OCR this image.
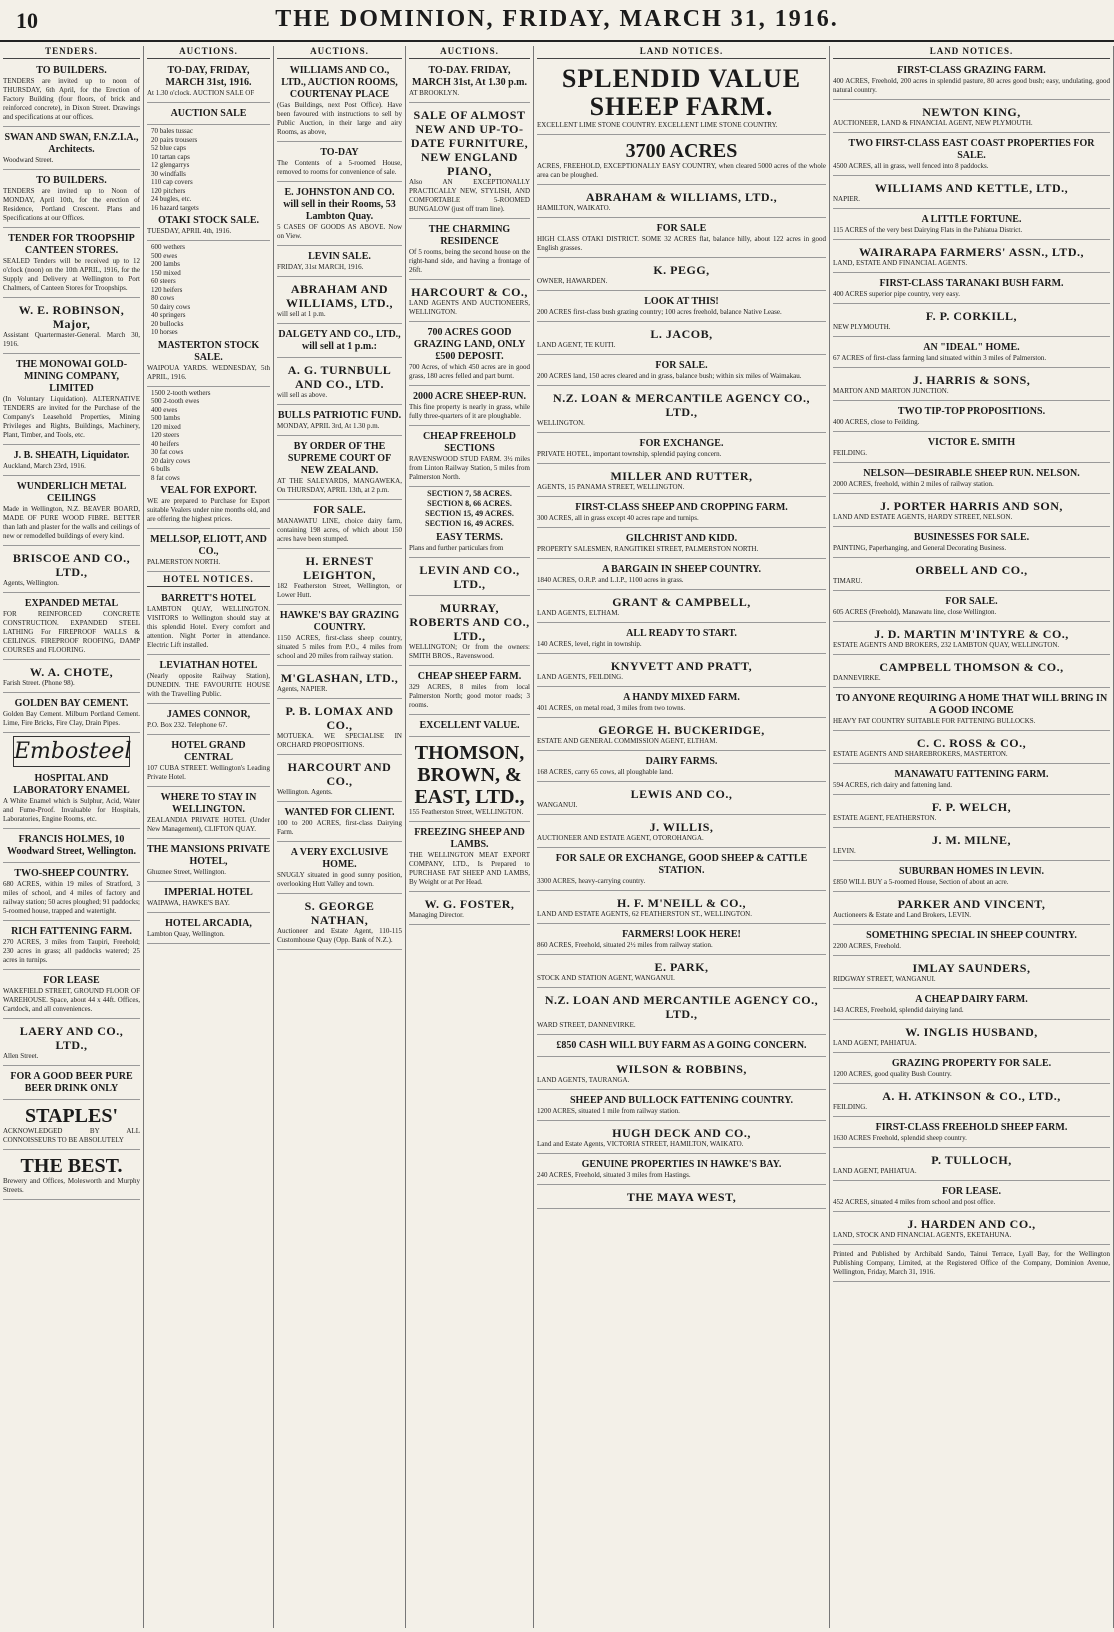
10	THE DOMINION, FRIDAY, MARCH 31, 1916.
TENDERS.
TO BUILDERS.
TENDERS are invited up to noon of THURSDAY, 6th April, for the Erection of Factory Building (four floors, of brick and reinforced concrete), in Dixon Street. Drawings and specifications at our offices.
SWAN AND SWAN, F.N.Z.I.A., Architects.
Woodward Street.
TO BUILDERS.
TENDERS are invited up to Noon of MONDAY, April 10th, for the erection of Residence, Portland Crescent. Plans and Specifications at our Offices.
TENDER FOR TROOPSHIP CANTEEN STORES.
SEALED Tenders will be received up to 12 o'clock (noon) on the 10th APRIL, 1916, for the Supply and Delivery at Wellington to Port Chalmers, of Canteen Stores for Troopships.
W. E. ROBINSON, Major,
Assistant Quartermaster-General. March 30, 1916.
THE MONOWAI GOLD-MINING COMPANY, LIMITED
(In Voluntary Liquidation). ALTERNATIVE TENDERS are invited for the Purchase of the Company's Leasehold Properties, Mining Privileges and Rights, Buildings, Machinery, Plant, Timber, and Tools, etc.
J. B. SHEATH, Liquidator.
Auckland, March 23rd, 1916.
WUNDERLICH METAL CEILINGS
Made in Wellington, N.Z. BEAVER BOARD, MADE OF PURE WOOD FIBRE. BETTER than lath and plaster for the walls and ceilings of new or remodelled buildings of every kind.
BRISCOE AND CO., LTD.,
Agents, Wellington.
EXPANDED METAL
FOR REINFORCED CONCRETE CONSTRUCTION. EXPANDED STEEL LATHING For FIREPROOF WALLS & CEILINGS. FIREPROOF ROOFING, DAMP COURSES and FLOORING.
W. A. CHOTE,
Farish Street. (Phone 98).
GOLDEN BAY CEMENT.
Golden Bay Cement. Milburn Portland Cement. Lime, Fire Bricks, Fire Clay, Drain Pipes.
Embosteel
HOSPITAL AND LABORATORY ENAMEL
A White Enamel which is Sulphur, Acid, Water and Fume-Proof. Invaluable for Hospitals, Laboratories, Engine Rooms, etc.
FRANCIS HOLMES, 10 Woodward Street, Wellington.
TWO-SHEEP COUNTRY.
680 ACRES, within 19 miles of Stratford, 3 miles of school, and 4 miles of factory and railway station; 50 acres ploughed; 91 paddocks; 5-roomed house, trapped and watertight.
RICH FATTENING FARM.
270 ACRES, 3 miles from Taupiri, Freehold; 230 acres in grass; all paddocks watered; 25 acres in turnips.
FOR LEASE
WAKEFIELD STREET, GROUND FLOOR OF WAREHOUSE. Space, about 44 x 44ft. Offices, Cartdock, and all conveniences.
LAERY AND CO., LTD.,
Allen Street.
FOR A GOOD BEER PURE BEER DRINK ONLY
STAPLES'
ACKNOWLEDGED BY ALL CONNOISSEURS TO BE ABSOLUTELY
THE BEST.
Brewery and Offices, Molesworth and Murphy Streets.
AUCTIONS.
TO-DAY, FRIDAY, MARCH 31st, 1916.
At 1.30 o'clock. AUCTION SALE OF
AUCTION SALE
70 bales tussac
20 pairs trousers
52 blue caps
10 tartan caps
12 glengarrys
30 windfalls
110 cap covers
120 pitchers
24 bugles, etc.
16 hazard targets
OTAKI STOCK SALE.
TUESDAY, APRIL 4th, 1916.
600 wethers
500 ewes
200 lambs
150 mixed
60 steers
120 heifers
80 cows
50 dairy cows
40 springers
20 bullocks
10 horses
MASTERTON STOCK SALE.
WAIPOUA YARDS. WEDNESDAY, 5th APRIL, 1916.
1500 2-tooth wethers
500 2-tooth ewes
400 ewes
500 lambs
120 mixed
120 steers
40 heifers
30 fat cows
20 dairy cows
6 bulls
8 fat cows
VEAL FOR EXPORT.
WE are prepared to Purchase for Export suitable Vealers under nine months old, and are offering the highest prices.
MELLSOP, ELIOTT, AND CO.,
PALMERSTON NORTH.
HOTEL NOTICES.
BARRETT'S HOTEL
LAMBTON QUAY, WELLINGTON. VISITORS to Wellington should stay at this splendid Hotel. Every comfort and attention. Night Porter in attendance. Electric Lift installed.
LEVIATHAN HOTEL
(Nearly opposite Railway Station), DUNEDIN. THE FAVOURITE HOUSE with the Travelling Public.
JAMES CONNOR,
P.O. Box 232. Telephone 67.
HOTEL GRAND CENTRAL
107 CUBA STREET. Wellington's Leading Private Hotel.
WHERE TO STAY IN WELLINGTON.
ZEALANDIA PRIVATE HOTEL (Under New Management), CLIFTON QUAY.
THE MANSIONS PRIVATE HOTEL,
Ghuznee Street, Wellington.
IMPERIAL HOTEL
WAIPAWA, HAWKE'S BAY.
HOTEL ARCADIA,
Lambton Quay, Wellington.
AUCTIONS.
WILLIAMS AND CO., LTD., AUCTION ROOMS, COURTENAY PLACE
(Gas Buildings, next Post Office). Have been favoured with instructions to sell by Public Auction, in their large and airy Rooms, as above,
TO-DAY
The Contents of a 5-roomed House, removed to rooms for convenience of sale.
E. JOHNSTON AND CO. will sell in their Rooms, 53 Lambton Quay.
5 CASES OF GOODS AS ABOVE. Now on View.
LEVIN SALE.
FRIDAY, 31st MARCH, 1916.
ABRAHAM AND WILLIAMS, LTD.,
will sell at 1 p.m.
DALGETY AND CO., LTD., will sell at 1 p.m.:
A. G. TURNBULL AND CO., LTD.
will sell as above.
BULLS PATRIOTIC FUND.
MONDAY, APRIL 3rd, At 1.30 p.m.
BY ORDER OF THE SUPREME COURT OF NEW ZEALAND.
AT THE SALEYARDS, MANGAWEKA, On THURSDAY, APRIL 13th, at 2 p.m.
FOR SALE.
MANAWATU LINE, choice dairy farm, containing 198 acres, of which about 150 acres have been stumped.
H. ERNEST LEIGHTON,
182 Featherston Street, Wellington, or Lower Hutt.
HAWKE'S BAY GRAZING COUNTRY.
1150 ACRES, first-class sheep country, situated 5 miles from P.O., 4 miles from school and 20 miles from railway station.
M'GLASHAN, LTD.,
Agents, NAPIER.
P. B. LOMAX AND CO.,
MOTUEKA. WE SPECIALISE IN ORCHARD PROPOSITIONS.
HARCOURT AND CO.,
Wellington. Agents.
WANTED FOR CLIENT.
100 to 200 ACRES, first-class Dairying Farm.
A VERY EXCLUSIVE HOME.
SNUGLY situated in good sunny position, overlooking Hutt Valley and town.
S. GEORGE NATHAN,
Auctioneer and Estate Agent, 110-115 Customhouse Quay (Opp. Bank of N.Z.).
AUCTIONS.
TO-DAY. FRIDAY, MARCH 31st, At 1.30 p.m.
AT BROOKLYN.
SALE OF ALMOST NEW AND UP-TO-DATE FURNITURE, NEW ENGLAND PIANO,
Also AN EXCEPTIONALLY PRACTICALLY NEW, STYLISH, AND COMFORTABLE 5-ROOMED BUNGALOW (just off tram line).
THE CHARMING RESIDENCE
Of 5 rooms, being the second house on the right-hand side, and having a frontage of 26ft.
HARCOURT & CO.,
LAND AGENTS AND AUCTIONEERS, WELLINGTON.
700 ACRES GOOD GRAZING LAND, ONLY £500 DEPOSIT.
700 Acres, of which 450 acres are in good grass, 180 acres felled and part burnt.
2000 ACRE SHEEP-RUN.
This fine property is nearly in grass, while fully three-quarters of it are ploughable.
CHEAP FREEHOLD SECTIONS
RAVENSWOOD STUD FARM. 3½ miles from Linton Railway Station, 5 miles from Palmerston North.
SECTION 7, 58 ACRES.
SECTION 8, 66 ACRES.
SECTION 15, 49 ACRES.
SECTION 16, 49 ACRES.
EASY TERMS.
Plans and further particulars from
LEVIN AND CO., LTD.,
MURRAY, ROBERTS AND CO., LTD.,
WELLINGTON; Or from the owners: SMITH BROS., Ravenswood.
CHEAP SHEEP FARM.
329 ACRES, 8 miles from local Palmerston North; good motor roads; 3 rooms.
EXCELLENT VALUE.
THOMSON, BROWN, & EAST, LTD.,
155 Featherston Street, WELLINGTON.
FREEZING SHEEP AND LAMBS.
THE WELLINGTON MEAT EXPORT COMPANY, LTD., Is Prepared to PURCHASE FAT SHEEP AND LAMBS, By Weight or at Per Head.
W. G. FOSTER,
Managing Director.
LAND NOTICES.
SPLENDID VALUE SHEEP FARM.
EXCELLENT LIME STONE COUNTRY. EXCELLENT LIME STONE COUNTRY.
3700 ACRES
ACRES, FREEHOLD, EXCEPTIONALLY EASY COUNTRY, when cleared 5000 acres of the whole area can be ploughed.
ABRAHAM & WILLIAMS, LTD.,
HAMILTON, WAIKATO.
FOR SALE
HIGH CLASS OTAKI DISTRICT. SOME 32 ACRES flat, balance hilly, about 122 acres in good English grasses.
K. PEGG,
OWNER, HAWARDEN.
LOOK AT THIS!
200 ACRES first-class bush grazing country; 100 acres freehold, balance Native Lease.
L. JACOB,
LAND AGENT, TE KUITI.
FOR SALE.
200 ACRES land, 150 acres cleared and in grass, balance bush; within six miles of Waimakau.
N.Z. LOAN & MERCANTILE AGENCY CO., LTD.,
WELLINGTON.
FOR EXCHANGE.
PRIVATE HOTEL, important township, splendid paying concern.
MILLER AND RUTTER,
AGENTS, 15 PANAMA STREET, WELLINGTON.
FIRST-CLASS SHEEP AND CROPPING FARM.
300 ACRES, all in grass except 40 acres rape and turnips.
GILCHRIST AND KIDD.
PROPERTY SALESMEN, RANGITIKEI STREET, PALMERSTON NORTH.
A BARGAIN IN SHEEP COUNTRY.
1840 ACRES, O.R.P. and L.I.P., 1100 acres in grass.
GRANT & CAMPBELL,
LAND AGENTS, ELTHAM.
ALL READY TO START.
140 ACRES, level, right in township.
KNYVETT AND PRATT,
LAND AGENTS, FEILDING.
A HANDY MIXED FARM.
401 ACRES, on metal road, 3 miles from two towns.
GEORGE H. BUCKERIDGE,
ESTATE AND GENERAL COMMISSION AGENT, ELTHAM.
DAIRY FARMS.
168 ACRES, carry 65 cows, all ploughable land.
LEWIS AND CO.,
WANGANUI.
J. WILLIS,
AUCTIONEER AND ESTATE AGENT, OTOROHANGA.
FOR SALE OR EXCHANGE, GOOD SHEEP & CATTLE STATION.
3300 ACRES, heavy-carrying country.
H. F. M'NEILL & CO.,
LAND AND ESTATE AGENTS, 62 FEATHERSTON ST., WELLINGTON.
FARMERS! LOOK HERE!
860 ACRES, Freehold, situated 2½ miles from railway station.
E. PARK,
STOCK AND STATION AGENT, WANGANUI.
N.Z. LOAN AND MERCANTILE AGENCY CO., LTD.,
WARD STREET, DANNEVIRKE.
£850 CASH WILL BUY FARM AS A GOING CONCERN.
WILSON & ROBBINS,
LAND AGENTS, TAURANGA.
SHEEP AND BULLOCK FATTENING COUNTRY.
1200 ACRES, situated 1 mile from railway station.
HUGH DECK AND CO.,
Land and Estate Agents, VICTORIA STREET, HAMILTON, WAIKATO.
GENUINE PROPERTIES IN HAWKE'S BAY.
240 ACRES, Freehold, situated 3 miles from Hastings.
THE MAYA WEST,
LAND NOTICES.
FIRST-CLASS GRAZING FARM.
400 ACRES, Freehold, 200 acres in splendid pasture, 80 acres good bush; easy, undulating, good natural country.
NEWTON KING,
AUCTIONEER, LAND & FINANCIAL AGENT, NEW PLYMOUTH.
TWO FIRST-CLASS EAST COAST PROPERTIES FOR SALE.
4500 ACRES, all in grass, well fenced into 8 paddocks.
WILLIAMS AND KETTLE, LTD.,
NAPIER.
A LITTLE FORTUNE.
115 ACRES of the very best Dairying Flats in the Pahiatua District.
WAIRARAPA FARMERS' ASSN., LTD.,
LAND, ESTATE AND FINANCIAL AGENTS.
FIRST-CLASS TARANAKI BUSH FARM.
400 ACRES superior pipe country, very easy.
F. P. CORKILL,
NEW PLYMOUTH.
AN "IDEAL" HOME.
67 ACRES of first-class farming land situated within 3 miles of Palmerston.
J. HARRIS & SONS,
MARTON AND MARTON JUNCTION.
TWO TIP-TOP PROPOSITIONS.
400 ACRES, close to Feilding.
VICTOR E. SMITH
FEILDING.
NELSON—DESIRABLE SHEEP RUN. NELSON.
2000 ACRES, freehold, within 2 miles of railway station.
J. PORTER HARRIS AND SON,
LAND AND ESTATE AGENTS, HARDY STREET, NELSON.
BUSINESSES FOR SALE.
PAINTING, Paperhanging, and General Decorating Business.
ORBELL AND CO.,
TIMARU.
FOR SALE.
605 ACRES (Freehold), Manawatu line, close Wellington.
J. D. MARTIN M'INTYRE & CO.,
ESTATE AGENTS AND BROKERS, 232 LAMBTON QUAY, WELLINGTON.
CAMPBELL THOMSON & CO.,
DANNEVIRKE.
TO ANYONE REQUIRING A HOME THAT WILL BRING IN A GOOD INCOME
HEAVY FAT COUNTRY SUITABLE FOR FATTENING BULLOCKS.
C. C. ROSS & CO.,
ESTATE AGENTS AND SHAREBROKERS, MASTERTON.
MANAWATU FATTENING FARM.
594 ACRES, rich dairy and fattening land.
F. P. WELCH,
ESTATE AGENT, FEATHERSTON.
J. M. MILNE,
LEVIN.
SUBURBAN HOMES IN LEVIN.
£850 WILL BUY a 5-roomed House, Section of about an acre.
PARKER AND VINCENT,
Auctioneers & Estate and Land Brokers, LEVIN.
SOMETHING SPECIAL IN SHEEP COUNTRY.
2200 ACRES, Freehold.
IMLAY SAUNDERS,
RIDGWAY STREET, WANGANUI.
A CHEAP DAIRY FARM.
143 ACRES, Freehold, splendid dairying land.
W. INGLIS HUSBAND,
LAND AGENT, PAHIATUA.
GRAZING PROPERTY FOR SALE.
1200 ACRES, good quality Bush Country.
A. H. ATKINSON & CO., LTD.,
FEILDING.
FIRST-CLASS FREEHOLD SHEEP FARM.
1630 ACRES Freehold, splendid sheep country.
P. TULLOCH,
LAND AGENT, PAHIATUA.
FOR LEASE.
452 ACRES, situated 4 miles from school and post office.
J. HARDEN AND CO.,
LAND, STOCK AND FINANCIAL AGENTS, EKETAHUNA.
Printed and Published by Archibald Sando, Tainui Terrace, Lyall Bay, for the Wellington Publishing Company, Limited, at the Registered Office of the Company, Dominion Avenue, Wellington, Friday, March 31, 1916.
